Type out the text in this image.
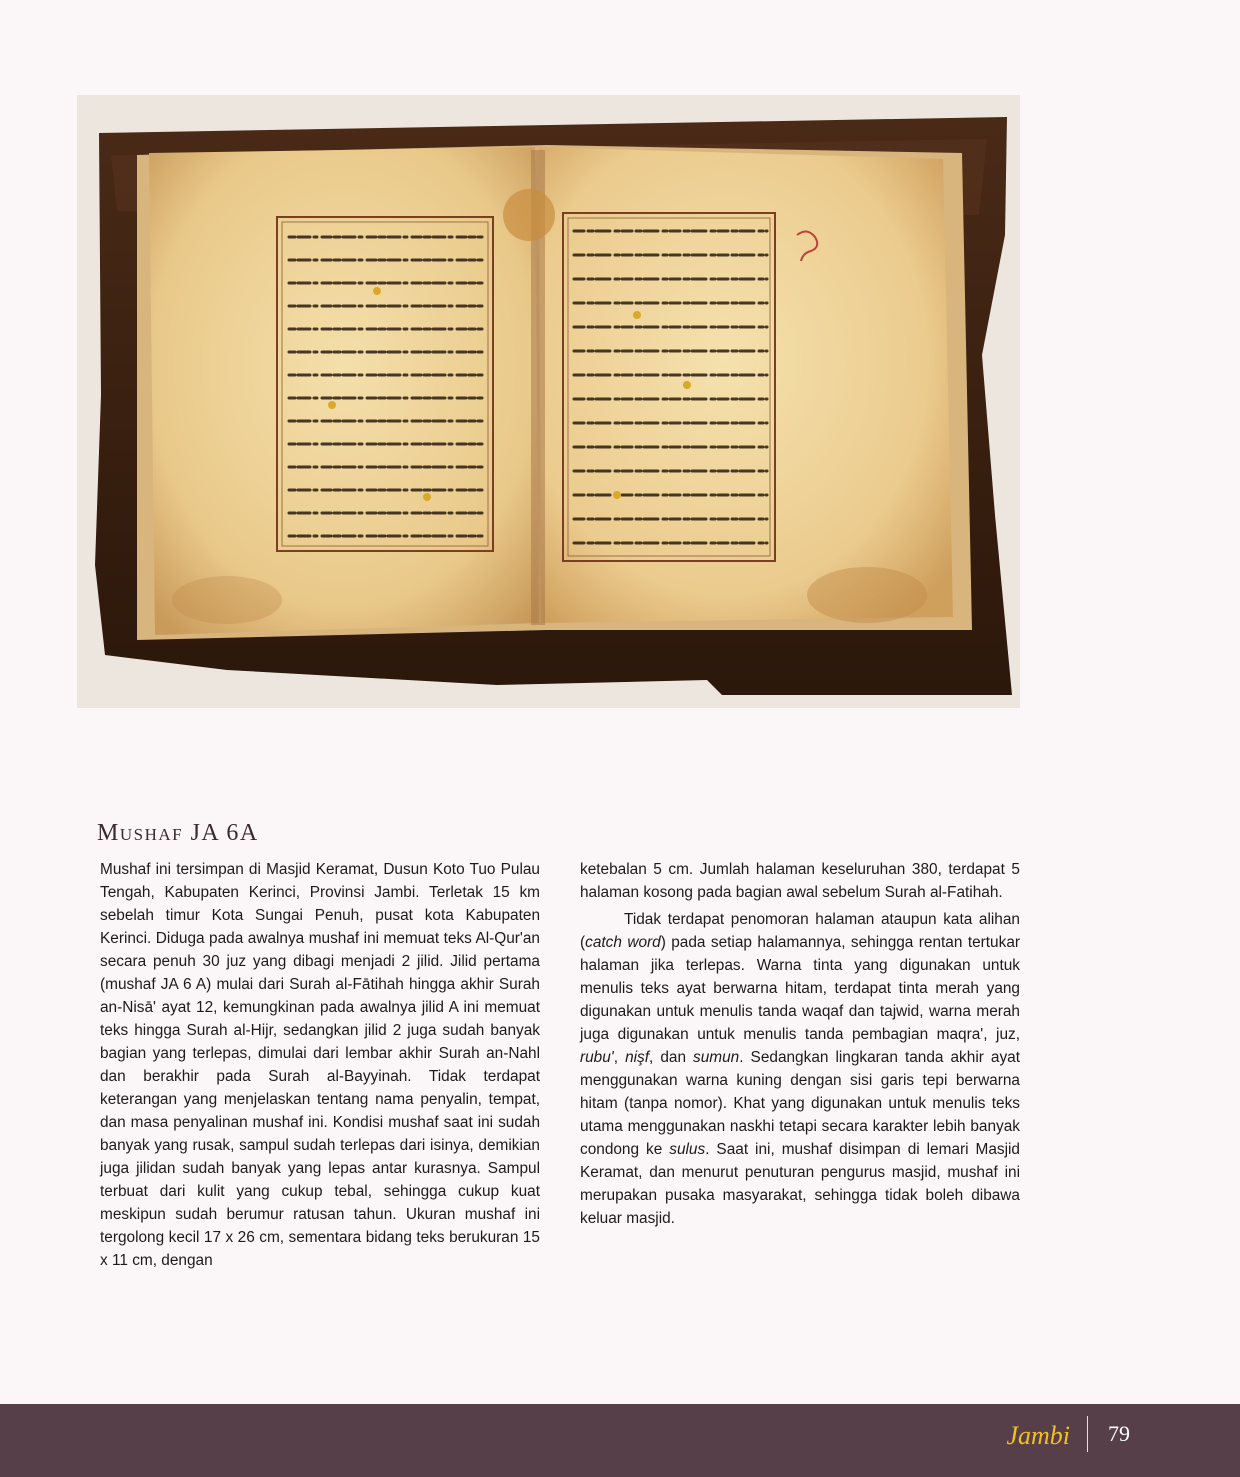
Mushaf JA 6A

Mushaf ini tersimpan di Masjid Keramat, Dusun Koto Tuo Pulau Tengah, Kabupaten Kerinci, Provinsi Jambi. Terletak 15 km sebelah timur Kota Sungai Penuh, pusat kota Kabupaten Kerinci. Diduga pada awalnya mushaf ini memuat teks Al-Qur'an secara penuh 30 juz yang dibagi menjadi 2 jilid. Jilid pertama (mushaf JA 6 A) mulai dari Surah al-Fātihah hingga akhir Surah an-Nisā' ayat 12, kemungkinan pada awalnya jilid A ini memuat teks hingga Surah al-Hijr, sedangkan jilid 2 juga sudah banyak bagian yang terlepas, dimulai dari lembar akhir Surah an-Nahl dan berakhir pada Surah al-Bayyinah. Tidak terdapat keterangan yang menjelaskan tentang nama penyalin, tempat, dan masa penyalinan mushaf ini. Kondisi mushaf saat ini sudah banyak yang rusak, sampul sudah terlepas dari isinya, demikian juga jilidan sudah banyak yang lepas antar kurasnya. Sampul terbuat dari kulit yang cukup tebal, sehingga cukup kuat meskipun sudah berumur ratusan tahun. Ukuran mushaf ini tergolong kecil 17 x 26 cm, sementara bidang teks berukuran 15 x 11 cm, dengan

ketebalan 5 cm. Jumlah halaman keseluruhan 380, terdapat 5 halaman kosong pada bagian awal sebelum Surah al-Fatihah.

Tidak terdapat penomoran halaman ataupun kata alihan (catch word) pada setiap halamannya, sehingga rentan tertukar halaman jika terlepas. Warna tinta yang digunakan untuk menulis teks ayat berwarna hitam, terdapat tinta merah yang digunakan untuk menulis tanda waqaf dan tajwid, warna merah juga digunakan untuk menulis tanda pembagian maqra', juz, rubu', nişf, dan sumun. Sedangkan lingkaran tanda akhir ayat menggunakan warna kuning dengan sisi garis tepi berwarna hitam (tanpa nomor). Khat yang digunakan untuk menulis teks utama menggunakan naskhi tetapi secara karakter lebih banyak condong ke sulus. Saat ini, mushaf disimpan di lemari Masjid Keramat, dan menurut penuturan pengurus masjid, mushaf ini merupakan pusaka masyarakat, sehingga tidak boleh dibawa keluar masjid.

Jambi 79
